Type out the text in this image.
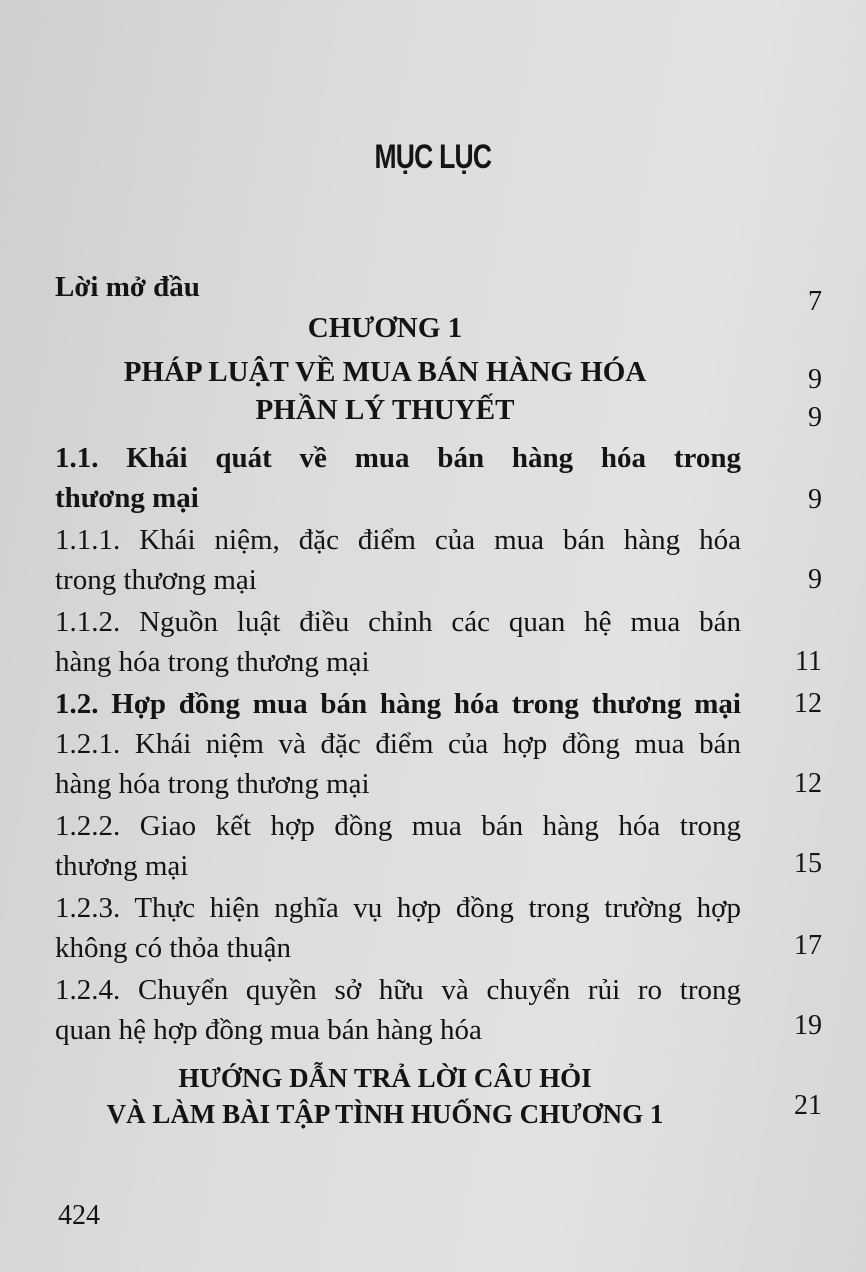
MỤC LỤC
Lời mở đầu	7
CHƯƠNG 1
PHÁP LUẬT VỀ MUA BÁN HÀNG HÓA	9
PHẦN LÝ THUYẾT	9
1.1. Khái quát về mua bán hàng hóa trong
thương mại	9
1.1.1. Khái niệm, đặc điểm của mua bán hàng hóa
trong thương mại	9
1.1.2. Nguồn luật điều chỉnh các quan hệ mua bán
hàng hóa trong thương mại	11
1.2. Hợp đồng mua bán hàng hóa trong thương mại	12
1.2.1. Khái niệm và đặc điểm của hợp đồng mua bán
hàng hóa trong thương mại	12
1.2.2. Giao kết hợp đồng mua bán hàng hóa trong
thương mại	15
1.2.3. Thực hiện nghĩa vụ hợp đồng trong trường hợp
không có thỏa thuận	17
1.2.4. Chuyển quyền sở hữu và chuyển rủi ro trong
quan hệ hợp đồng mua bán hàng hóa	19
HƯỚNG DẪN TRẢ LỜI CÂU HỎI
VÀ LÀM BÀI TẬP TÌNH HUỐNG CHƯƠNG 1	21
424
